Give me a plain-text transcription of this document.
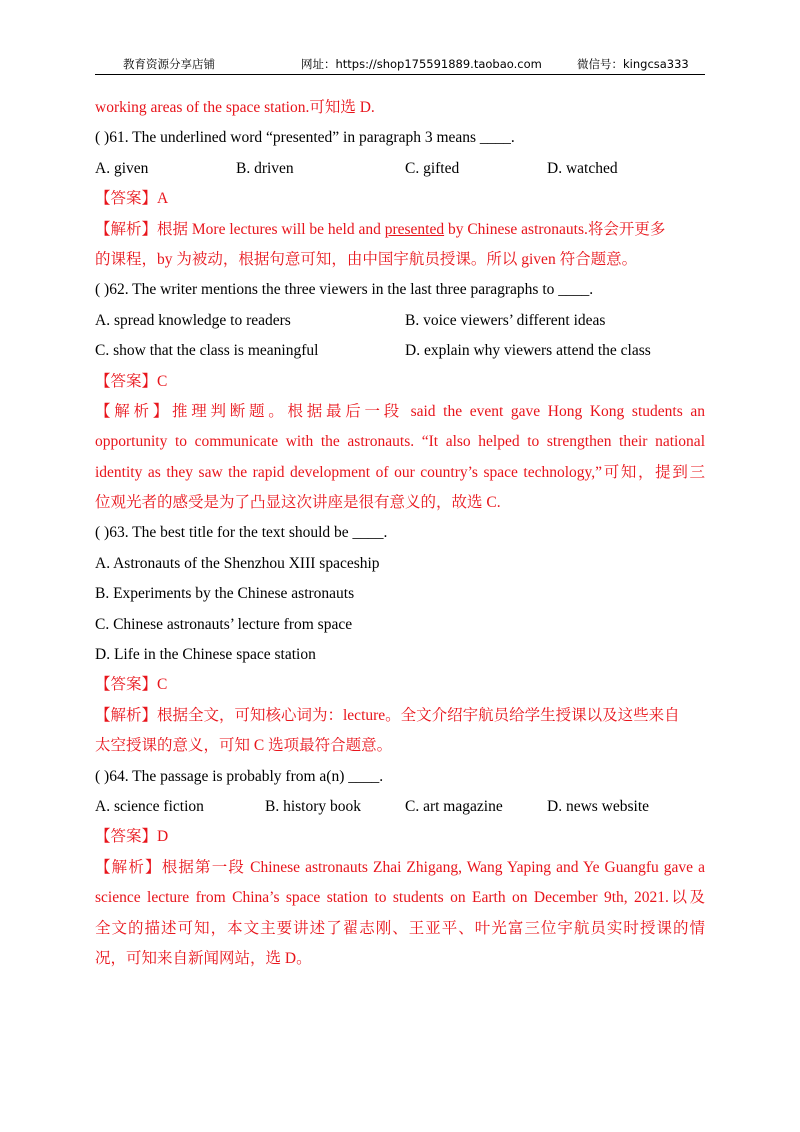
教育资源分享店铺	网址：https://shop175591889.taobao.com	微信号：kingcsa333
working areas of the space station.可知选 D.
( )61. The underlined word “presented” in paragraph 3 means ____.
A. given	B. driven	C. gifted	D. watched
【答案】A
【解析】根据 More lectures will be held and presented by Chinese astronauts.将会开更多
的课程，by 为被动，根据句意可知，由中国宇航员授课。所以 given 符合题意。
( )62. The writer mentions the three viewers in the last three paragraphs to ____.
A. spread knowledge to readers	B. voice viewers’ different ideas
C. show that the class is meaningful	D. explain why viewers attend the class
【答案】C
【解析】推理判断题。根据最后一段 said the event gave Hong Kong students an
opportunity to communicate with the astronauts. “It also helped to strengthen their national
identity as they saw the rapid development of our country’s space technology,”可知，提到三
位观光者的感受是为了凸显这次讲座是很有意义的，故选 C.
( )63. The best title for the text should be ____.
A. Astronauts of the Shenzhou XIII spaceship
B. Experiments by the Chinese astronauts
C. Chinese astronauts’ lecture from space
D. Life in the Chinese space station
【答案】C
【解析】根据全文，可知核心词为：lecture。全文介绍宇航员给学生授课以及这些来自
太空授课的意义，可知 C 选项最符合题意。
( )64. The passage is probably from a(n) ____.
A. science fiction	B. history book	C. art magazine	D. news website
【答案】D
【解析】根据第一段 Chinese astronauts Zhai Zhigang, Wang Yaping and Ye Guangfu gave a
science lecture from China’s space station to students on Earth on December 9th, 2021.以及
全文的描述可知，本文主要讲述了翟志刚、王亚平、叶光富三位宇航员实时授课的情
况，可知来自新闻网站，选 D。
